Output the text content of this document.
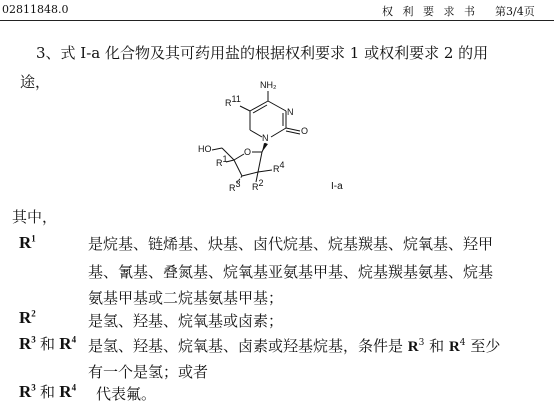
02811848.0	权 利 要 求 书 第3/4页
3、式 I-a 化合物及其可药用盐的根据权利要求 1 或权利要求 2 的用
途，	NH₂
R11
N
N
O
O
HO
R1
R3 R2
R4
I-a
其中，
$R^1$	是烷基、链烯基、炔基、卤代烷基、烷基羰基、烷氧基、羟甲
基、氰基、叠氮基、烷氧基亚氨基甲基、烷基羰基氨基、烷基
氨基甲基或二烷基氨基甲基；
$R^2$	是氢、羟基、烷氧基或卤素；
$R^3$ 和 $R^4$ 是氢、羟基、烷氧基、卤素或羟基烷基，条件是 $R^3$ 和 $R^4$ 至少
有一个是氢；或者
$R^3$ 和 $R^4$ 代表氟。
